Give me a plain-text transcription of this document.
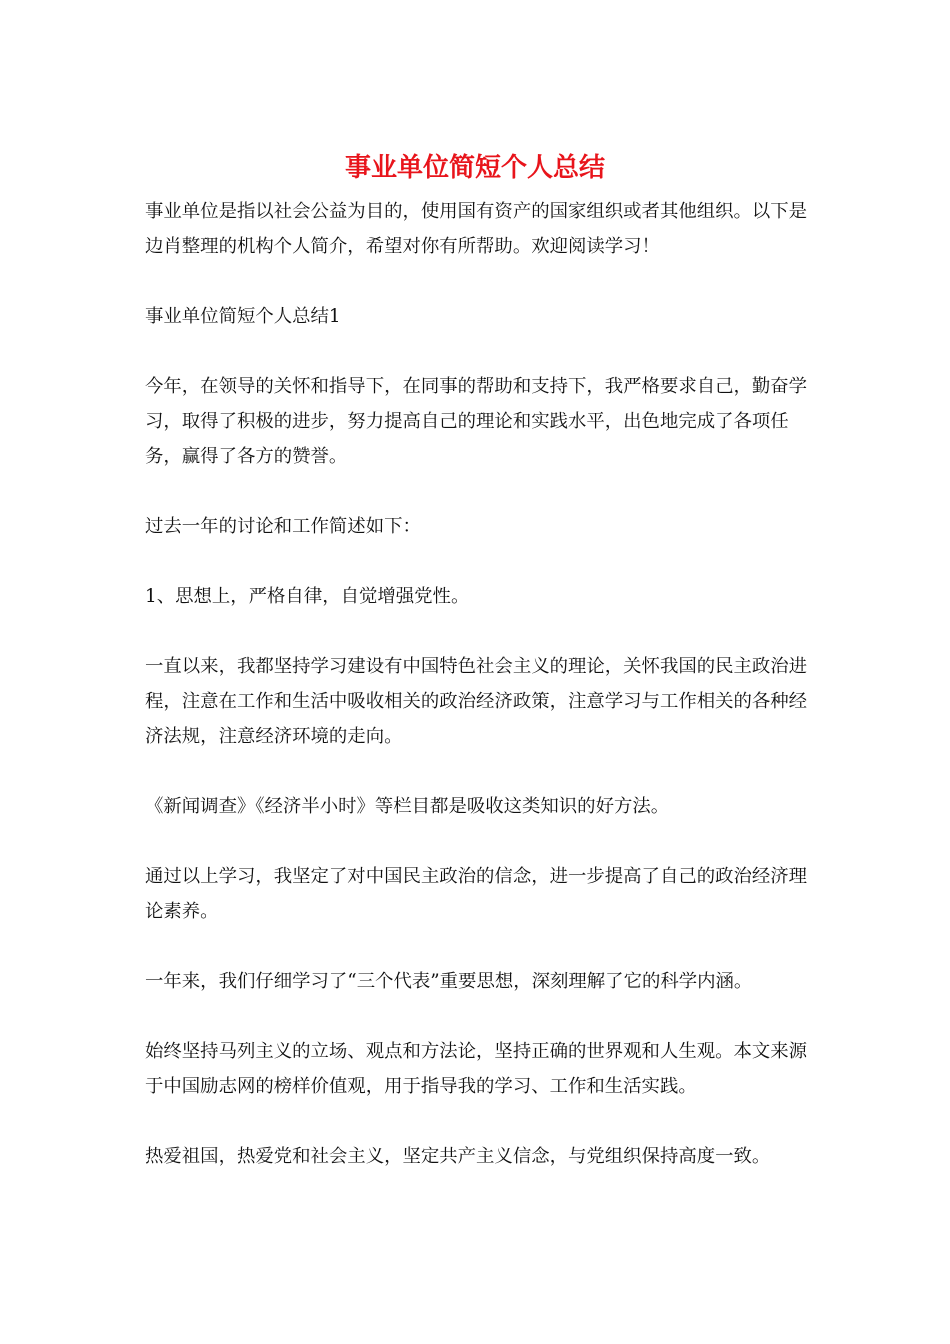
事业单位简短个人总结

事业单位是指以社会公益为目的，使用国有资产的国家组织或者其他组织。以下是边肖整理的机构个人简介，希望对你有所帮助。欢迎阅读学习！

事业单位简短个人总结1

今年，在领导的关怀和指导下，在同事的帮助和支持下，我严格要求自己，勤奋学习，取得了积极的进步，努力提高自己的理论和实践水平，出色地完成了各项任务，赢得了各方的赞誉。

过去一年的讨论和工作简述如下：

1、思想上，严格自律，自觉增强党性。

一直以来，我都坚持学习建设有中国特色社会主义的理论，关怀我国的民主政治进程，注意在工作和生活中吸收相关的政治经济政策，注意学习与工作相关的各种经济法规，注意经济环境的走向。

《新闻调查》《经济半小时》等栏目都是吸收这类知识的好方法。

通过以上学习，我坚定了对中国民主政治的信念，进一步提高了自己的政治经济理论素养。

一年来，我们仔细学习了“三个代表”重要思想，深刻理解了它的科学内涵。

始终坚持马列主义的立场、观点和方法论，坚持正确的世界观和人生观。本文来源于中国励志网的榜样价值观，用于指导我的学习、工作和生活实践。

热爱祖国，热爱党和社会主义，坚定共产主义信念，与党组织保持高度一致。
